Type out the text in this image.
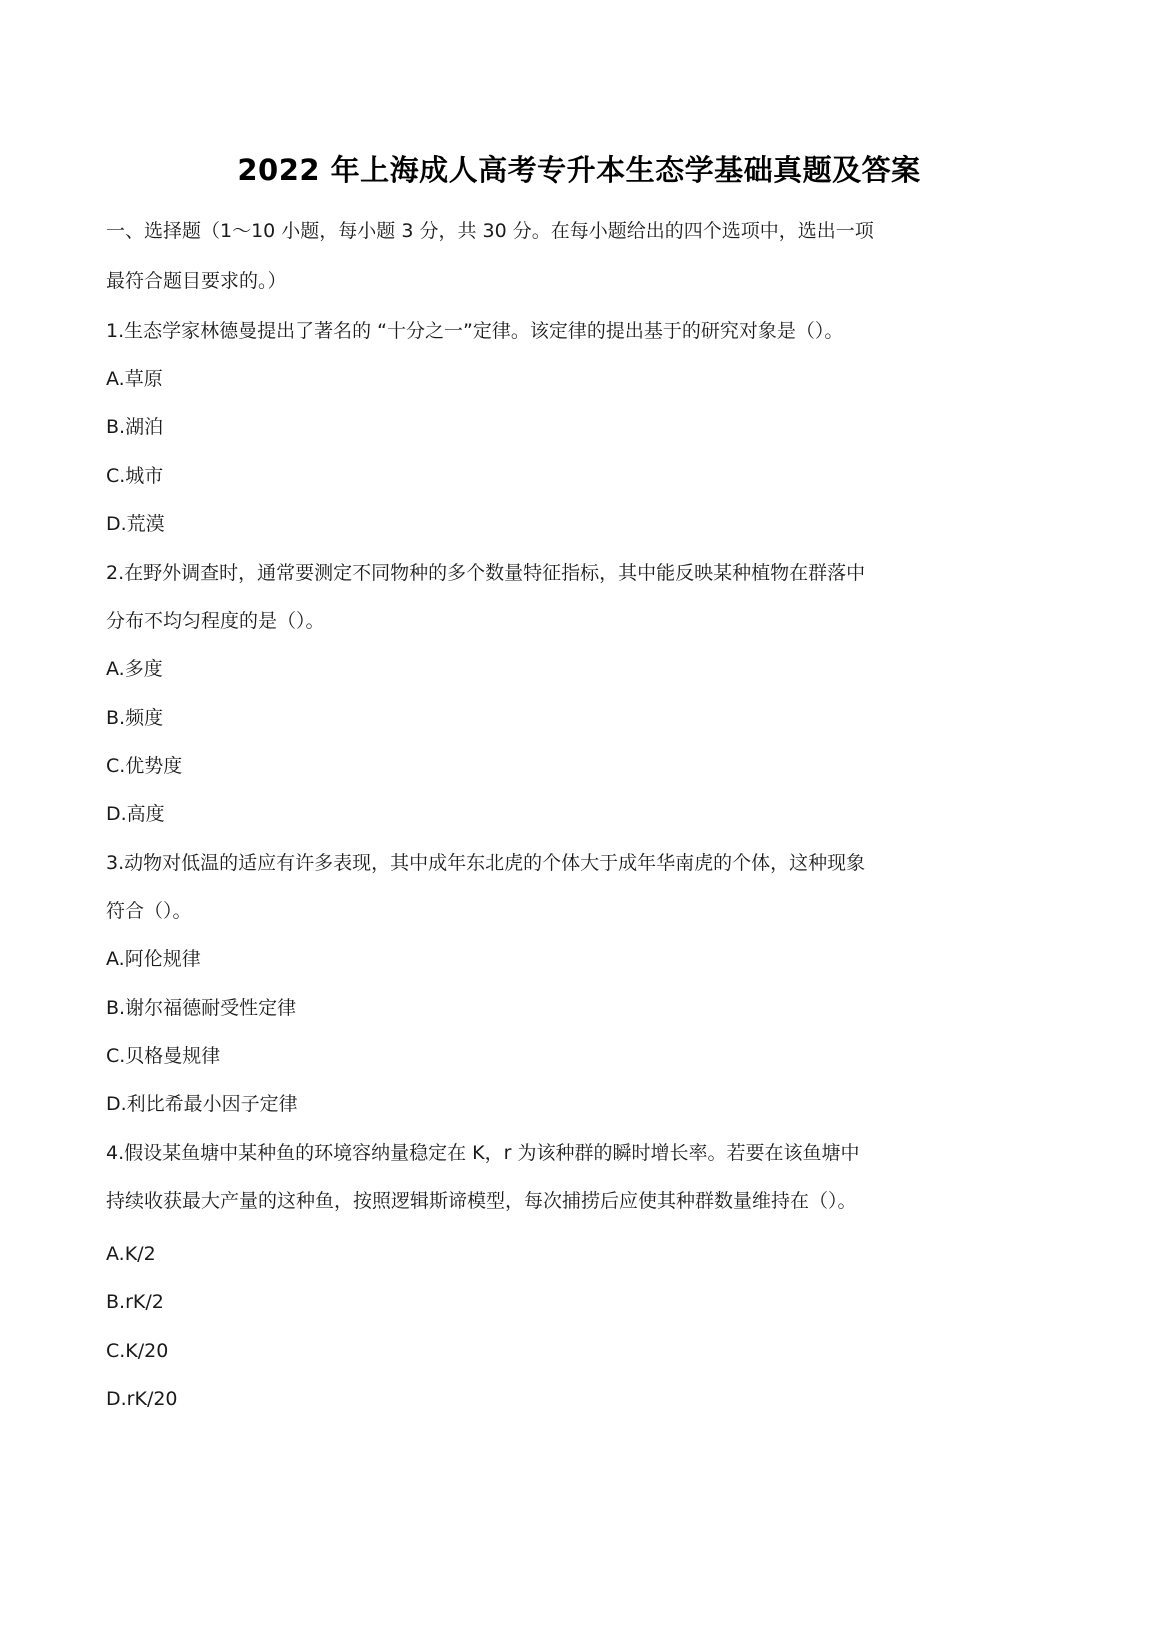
2022 年上海成人高考专升本生态学基础真题及答案
一、选择题（1〜10 小题，每小题 3 分，共 30 分。在每小题给出的四个选项中，选出一项
最符合题目要求的。）
1.生态学家林德曼提出了著名的 “十分之一”定律。该定律的提出基于的研究对象是（）。
A.草原
B.湖泊
C.城市
D.荒漠
2.在野外调查时，通常要测定不同物种的多个数量特征指标，其中能反映某种植物在群落中
分布不均匀程度的是（）。
A.多度
B.频度
C.优势度
D.高度
3.动物对低温的适应有许多表现，其中成年东北虎的个体大于成年华南虎的个体，这种现象
符合（）。
A.阿伦规律
B.谢尔福德耐受性定律
C.贝格曼规律
D.利比希最小因子定律
4.假设某鱼塘中某种鱼的环境容纳量稳定在 K，r 为该种群的瞬时增长率。若要在该鱼塘中
持续收获最大产量的这种鱼，按照逻辑斯谛模型，每次捕捞后应使其种群数量维持在（）。
A.K/2
B.rK/2
C.K/20
D.rK/20
